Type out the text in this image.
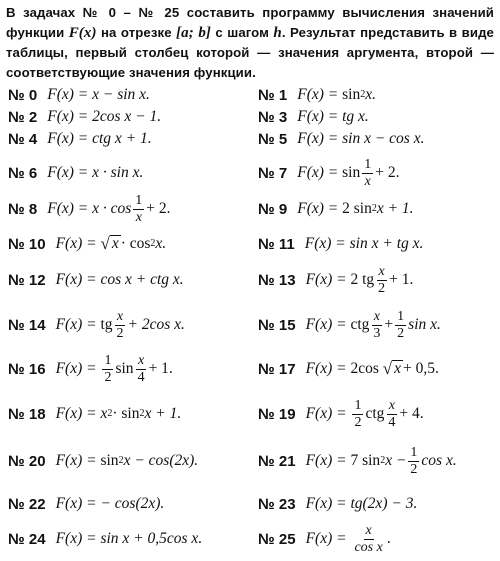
В задачах № 0 – № 25 составить программу вычисления значений функции F(x) на отрезке [a; b] с шагом h. Результат представить в виде таблицы, первый столбец которой — значения аргумента, второй — соответствующие значения функции.
№ 0 F(x) =
x − sin x.	№ 1 F(x) =
sin 2 x.
№ 2 F(x) =
2cos x − 1.	№ 3 F(x) =
tg x.
№ 4 F(x) =
ctg x + 1.	№ 5 F(x) =
sin x − cos x.
№ 6 F(x) =
x · sin x.	№ 7 F(x) =
$\sin \frac{1}{x} + 2$.
№ 8 F(x) =
$x \cdot \cos \frac{1}{x} + 2$.	№ 9 F(x) =
2 sin 2 x + 1.
№ 10 F(x) =
√ x · cos 2 x.	№ 11 F(x) =
sin x + tg x.
№ 12 F(x) =
cos x + ctg x.	№ 13 F(x) =
2 tg $\frac{x}{2} + 1$.
№ 14 F(x) =
tg $\frac{x}{2} + 2\cos$ x.	№ 15 F(x) =
ctg $\frac{x}{3} + \frac{1}{2}$ sin x.
№ 16 F(x) =
$\frac{1}{2}$ $\sin \frac{x}{4} + 1$.	№ 17 F(x) =
2cos
√ x + 0,5.
№ 18 F(x) =
x 2 · sin 2 x + 1.	№ 19 F(x) =
$\frac{1}{2}$ ctg $\frac{x}{4} + 4$.
№ 20 F(x) =
sin 2 x − cos(2x).	№ 21 F(x) =
7 sin 2 $x - \frac{1}{2}$ cos x.
№ 22 F(x) =
− cos(2x).	№ 23 F(x) =
tg(2x) − 3.
№ 24 F(x) =
sin x + 0,5cos x.	№ 25 F(x) =
$\frac{x}{\text{cos x}}$ .
